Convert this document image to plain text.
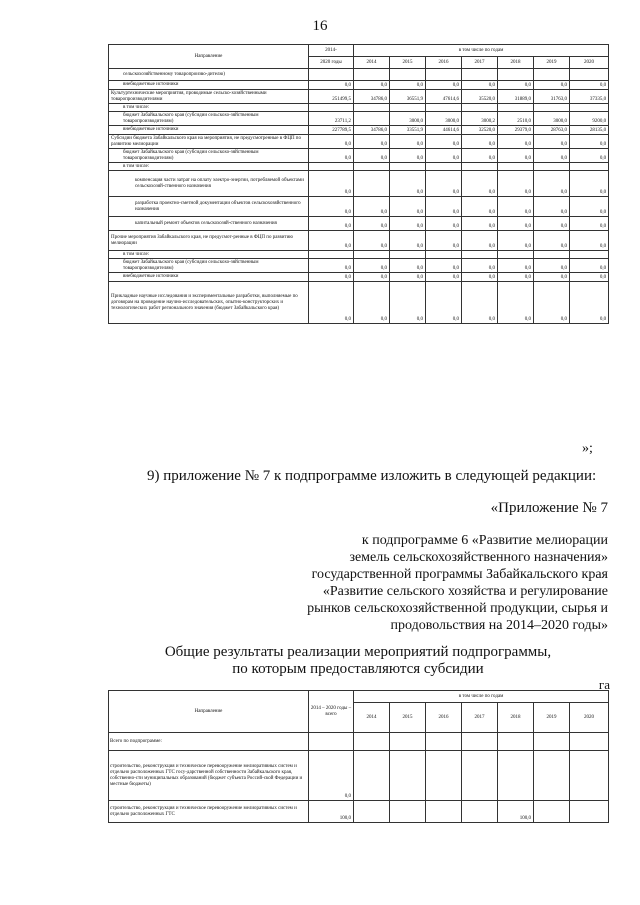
16
Направление	2014-	в том числе по годам						
	2020 годы	2014	2015	2016	2017	2018	2019	2020
сельскохозяйственному товаропроизво-дителю)								
внебюджетные источники	0,0	0,0	0,0	0,0	0,0	0,0	0,0	0,0
Культуртехнические мероприятия, проводимые сельско-хозяйственными товаропроизводителями	251499,5	34786,0	36551,9	47614,6	35520,0	31889,0	31763,0	37335,0
в том числе:								
бюджет Забайкальского края (субсидии сельскохо-зяйственным товаропроизводителям)	23711,2		3000,0	3000,0	3000,2	2510,0	3000,0	9200,0
внебюджетные источники	227789,5	34786,0	33551,9	44614,6	32520,0	29379,0	28763,0	28135,0
Субсидии бюджета Забайкальского края на мероприятия, не предусмотренные в ФЦП по развитию мелиорации	0,0	0,0	0,0	0,0	0,0	0,0	0,0	0,0
бюджет Забайкальского края (субсидии сельскохо-зяйственным товаропроизводителям)	0,0	0,0	0,0	0,0	0,0	0,0	0,0	0,0
в том числе:								
компенсация части затрат на оплату электро-энергии, потребляемой объектами сельскохозяй-ственного назначения	0,0		0,0	0,0	0,0	0,0	0,0	0,0
разработка проектно-сметной документации объектов сельскохозяйственного назначения	0,0	0,0	0,0	0,0	0,0	0,0	0,0	0,0
капитальный ремонт объектов сельскохозяй-ственного назначения	0,0	0,0	0,0	0,0	0,0	0,0	0,0	0,0
Прочие мероприятия Забайкальского края, не предусмот-ренные в ФЦП по развитию мелиорации	0,0	0,0	0,0	0,0	0,0	0,0	0,0	0,0
в том числе:								
бюджет Забайкальского края (субсидии сельскохо-зяйственным товаропроизводителям)	0,0	0,0	0,0	0,0	0,0	0,0	0,0	0,0
внебюджетные источники	0,0	0,0	0,0	0,0	0,0	0,0	0,0	0,0
Прикладные научные исследования и экспериментальные разработки, выполняемые по договорам на проведение научно-исследовательских, опытно-конструкторских и технологических работ регионального значения (бюджет Забайкальского края)	0,0	0,0	0,0	0,0	0,0	0,0	0,0	0,0
»;
9) приложение № 7 к подпрограмме изложить в следующей редакции:
«Приложение № 7
к подпрограмме 6 «Развитие мелиорации
земель сельскохозяйственного назначения»
государственной программы Забайкальского края
«Развитие сельского хозяйства и регулирование
рынков сельскохозяйственной продукции, сырья и
продовольствия на 2014–2020 годы»
Общие результаты реализации мероприятий подпрограммы,
по которым предоставляются субсидии
га
Направление	2014 – 2020 годы – всего	в том числе по годам						
		2014	2015	2016	2017	2018	2019	2020
Всего по подпрограмме:								
строительство, реконструкция и техническое перевооружение мелиоративных систем и отдельно расположенных ГТС госу-дарственной собственности Забайкальского края, собственно-сти муниципальных образований (бюджет субъекта Россий-ской Федерации и местные бюджеты)	0,0							
строительство, реконструкция и техническое перевооружение мелиоративных систем и отдельно расположенных ГТС	100,0					100,0		
